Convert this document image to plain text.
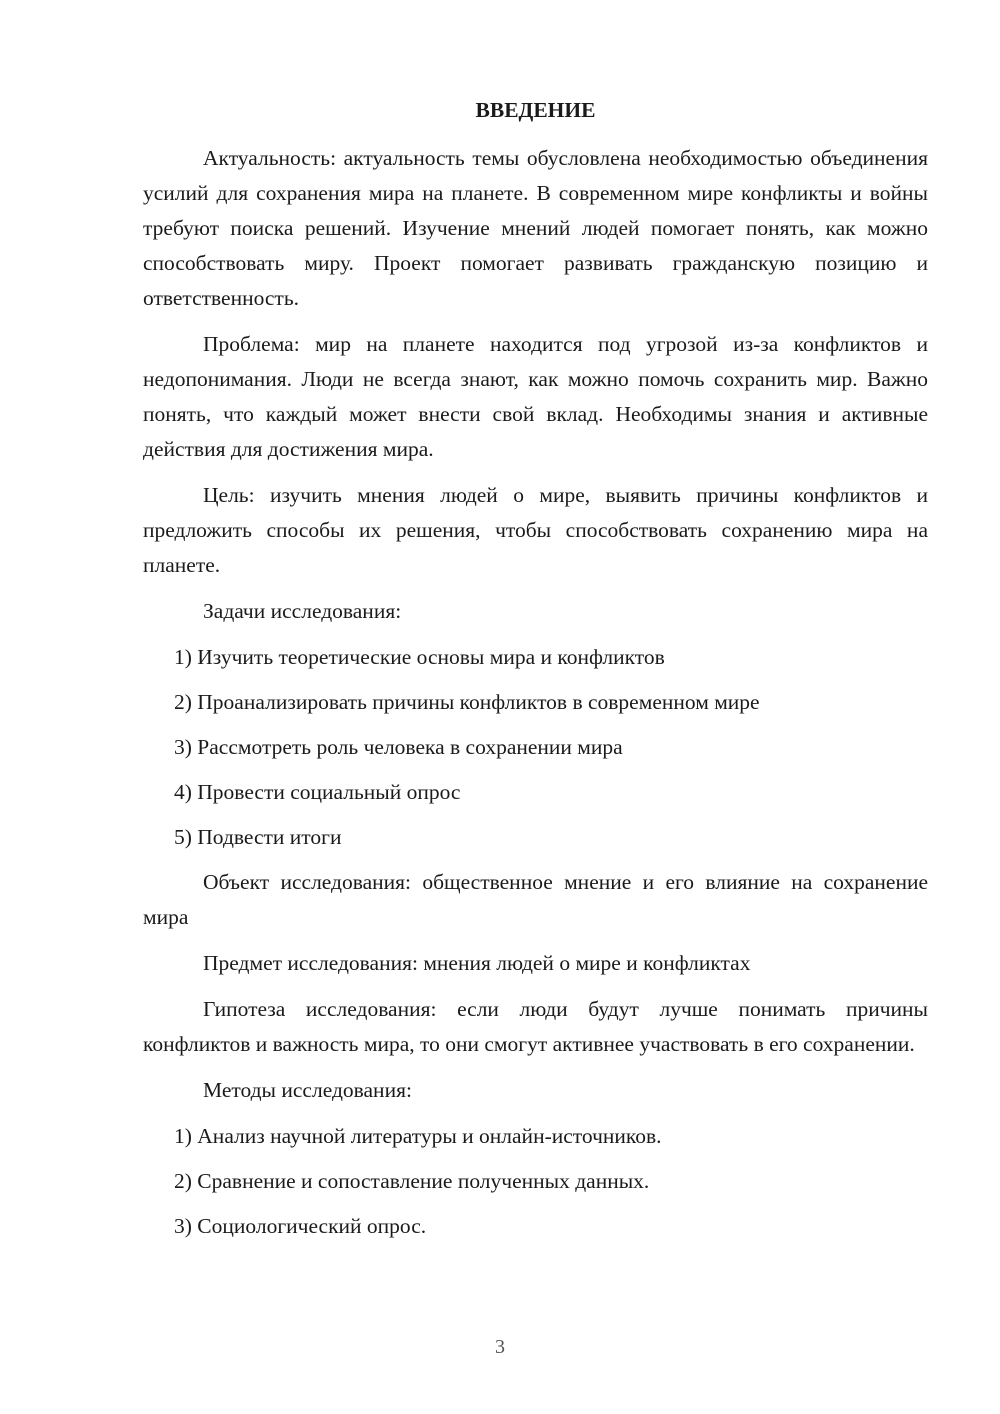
ВВЕДЕНИЕ

Актуальность: актуальность темы обусловлена необходимостью объединения усилий для сохранения мира на планете. В современном мире конфликты и войны требуют поиска решений. Изучение мнений людей помогает понять, как можно способствовать миру. Проект помогает развивать гражданскую позицию и ответственность.

Проблема: мир на планете находится под угрозой из-за конфликтов и недопонимания. Люди не всегда знают, как можно помочь сохранить мир. Важно понять, что каждый может внести свой вклад. Необходимы знания и активные действия для достижения мира.

Цель: изучить мнения людей о мире, выявить причины конфликтов и предложить способы их решения, чтобы способствовать сохранению мира на планете.

Задачи исследования:

1) Изучить теоретические основы мира и конфликтов
2) Проанализировать причины конфликтов в современном мире
3) Рассмотреть роль человека в сохранении мира
4) Провести социальный опрос
5) Подвести итоги

Объект исследования: общественное мнение и его влияние на сохранение мира

Предмет исследования: мнения людей о мире и конфликтах

Гипотеза исследования: если люди будут лучше понимать причины конфликтов и важность мира, то они смогут активнее участвовать в его сохранении.

Методы исследования:

1) Анализ научной литературы и онлайн-источников.
2) Сравнение и сопоставление полученных данных.
3) Социологический опрос.
3
